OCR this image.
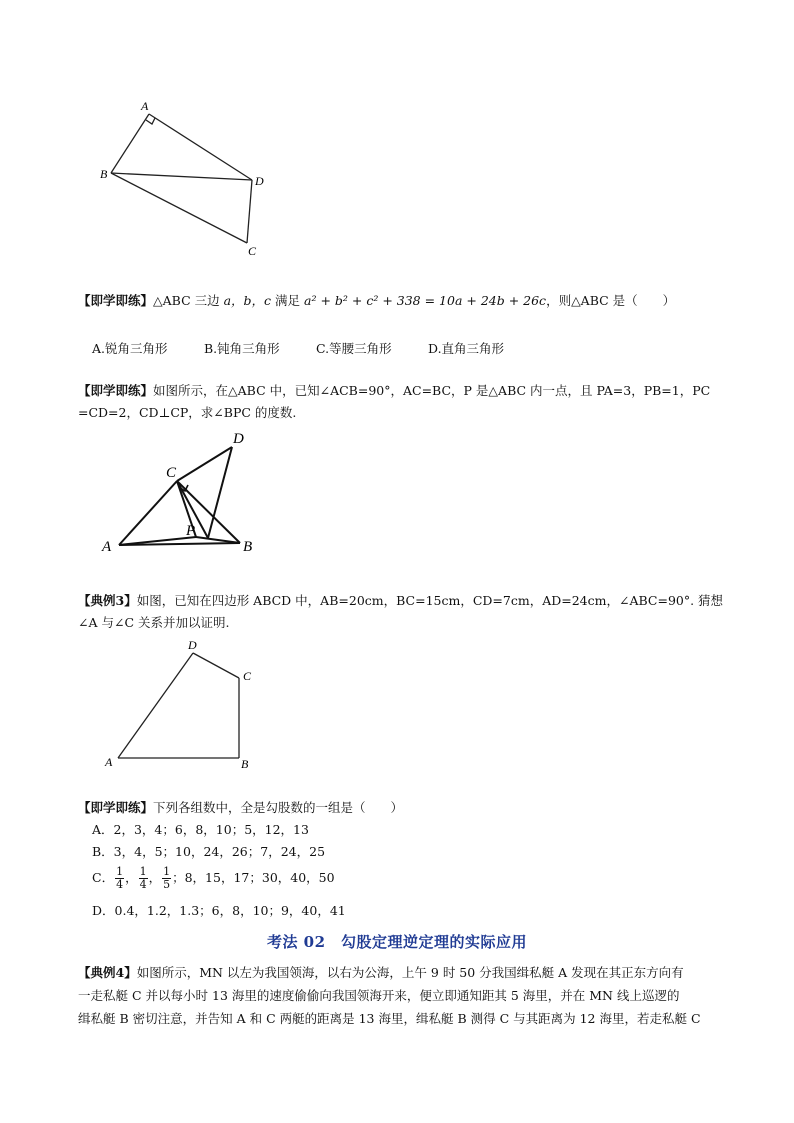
A
B	D
C
【即学即练】△ABC 三边 a，b，c 满足 a² + b² + c² + 338 = 10a + 24b + 26c，则△ABC 是（　　）
A.锐角三角形	B.钝角三角形	C.等腰三角形	D.直角三角形
【即学即练】如图所示，在△ABC 中，已知∠ACB=90°，AC=BC，P 是△ABC 内一点，且 PA=3，PB=1，PC
=CD=2，CD⊥CP，求∠BPC 的度数.
D
C
P
A	B
【典例3】如图，已知在四边形 ABCD 中，AB=20cm，BC=15cm，CD=7cm，AD=24cm，∠ABC=90°. 猜想
∠A 与∠C 关系并加以证明.
D
C
A	B
【即学即练】下列各组数中，全是勾股数的一组是（　　）
A．2，3，4；6，8，10；5，12，13
B．3，4，5；10，24，26；7，24，25
C． $\frac{1}{4}$ ， $\frac{1}{4}$ ， $\frac{1}{5}$ ；8，15，17；30，40，50
D．0.4，1.2，1.3；6，8，10；9，40，41
考法 02　勾股定理逆定理的实际应用
【典例4】如图所示，MN 以左为我国领海，以右为公海，上午 9 时 50 分我国缉私艇 A 发现在其正东方向有
一走私艇 C 并以每小时 13 海里的速度偷偷向我国领海开来，便立即通知距其 5 海里，并在 MN 线上巡逻的
缉私艇 B 密切注意，并告知 A 和 C 两艇的距离是 13 海里，缉私艇 B 测得 C 与其距离为 12 海里，若走私艇 C
